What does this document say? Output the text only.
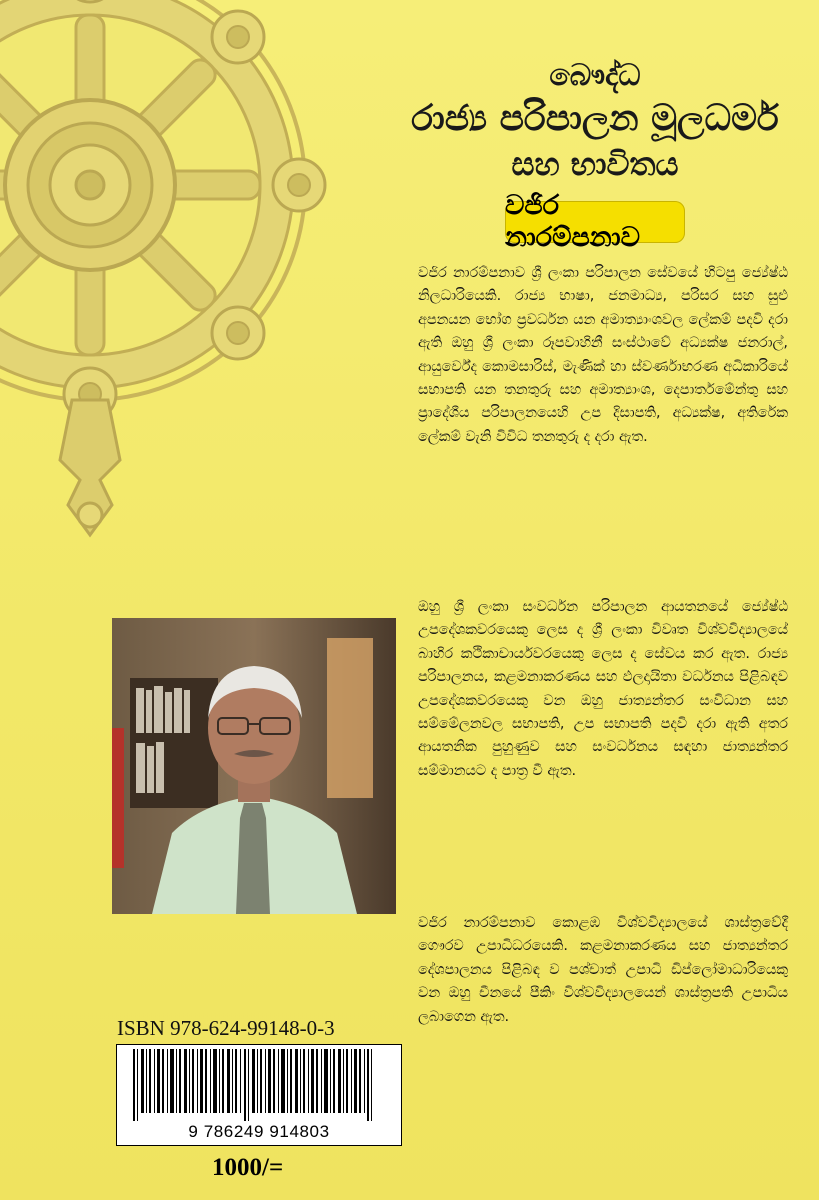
බෞද්ධ
රාජ්‍ය පරිපාලන මූලධර්ම
සහ භාවිතය
වජිර නාරම්පනාව
වජිර නාරම්පනාව ශ්‍රී ලංකා පරිපාලන සේවයේ හිටපු ජ්‍යේෂ්ඨ නිලධාරියෙකි. රාජ්‍ය භාෂා, ජනමාධ්‍ය, පරිසර සහ සුළු අපනයන භෝග ප්‍රවර්ධන යන අමාත්‍යාංශවල ලේකම් පදවි දරා ඇති ඔහු ශ්‍රී ලංකා රූපවාහිනී සංස්ථාවේ අධ්‍යක්ෂ ජනරාල්, ආයුර්වේද කොමසාරිස්, මැණික් හා ස්වර්ණාභරණ අධිකාරියේ සභාපති යන තනතුරු සහ අමාත්‍යාංශ, දෙපාර්තමේන්තු සහ ප්‍රාදේශීය පරිපාලනයෙහි උප දිසාපති, අධ්‍යක්ෂ, අතිරේක ලේකම් වැනි විවිධ තනතුරු ද දරා ඇත.
ඔහු ශ්‍රී ලංකා සංවර්ධන පරිපාලන ආයතනයේ ජ්‍යේෂ්ඨ උපදේශකවරයෙකු ලෙස ද ශ්‍රී ලංකා විවෘත විශ්වවිද්‍යාලයේ බාහිර කථිකාචාර්යවරයෙකු ලෙස ද සේවය කර ඇත. රාජ්‍ය පරිපාලනය, කළමනාකරණය සහ ඵලදායිතා වර්ධනය පිළිබඳව උපදේශකවරයෙකු වන ඔහු ජාත්‍යන්තර සංවිධාන සහ සම්මේලනවල සභාපති, උප සභාපති පදවි දරා ඇති අතර ආයතනික පුහුණුව සහ සංවර්ධනය සඳහා ජාත්‍යන්තර සම්මානයට ද පාත්‍ර වී ඇත.
වජිර නාරම්පනාව කොළඹ විශ්වවිද්‍යාලයේ ශාස්ත්‍රවේදී ගෞරව උපාධිධරයෙකි. කළමනාකරණය සහ ජාත්‍යන්තර දේශපාලනය පිළිබඳ ව පශ්චාත් උපාධි ඩිප්ලෝමාධාරියෙකු වන ඔහු චීනයේ පීකිං විශ්වවිද්‍යාලයෙන් ශාස්ත්‍රපති උපාධිය ලබාගෙන ඇත.
ISBN 978-624-99148-0-3
9 786249 914803
1000/=
